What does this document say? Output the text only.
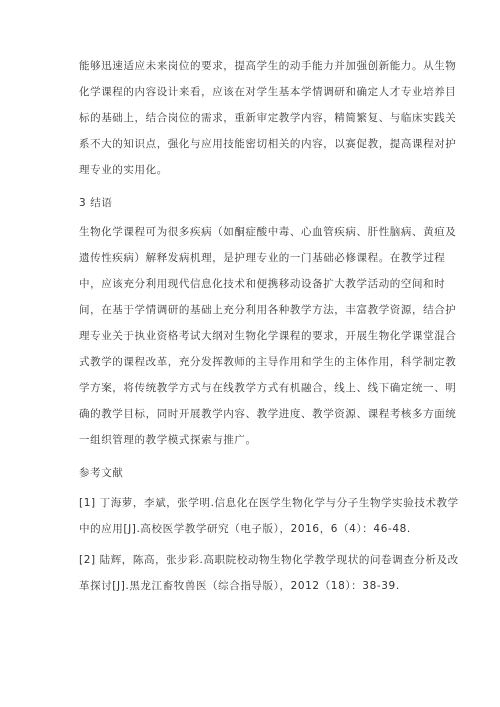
能够迅速适应未来岗位的要求，提高学生的动手能力并加强创新能力。从生物
化学课程的内容设计来看，应该在对学生基本学情调研和确定人才专业培养目
标的基础上，结合岗位的需求，重新审定教学内容，精简繁复、与临床实践关
系不大的知识点，强化与应用技能密切相关的内容，以赛促教，提高课程对护
理专业的实用化。
3 结语
生物化学课程可为很多疾病（如酮症酸中毒、心血管疾病、肝性脑病、黄疸及
遗传性疾病）解释发病机理，是护理专业的一门基础必修课程。在教学过程
中，应该充分利用现代信息化技术和便携移动设备扩大教学活动的空间和时
间，在基于学情调研的基础上充分利用各种教学方法，丰富教学资源，结合护
理专业关于执业资格考试大纲对生物化学课程的要求，开展生物化学课堂混合
式教学的课程改革，充分发挥教师的主导作用和学生的主体作用，科学制定教
学方案，将传统教学方式与在线教学方式有机融合，线上、线下确定统一、明
确的教学目标，同时开展教学内容、教学进度、教学资源、课程考核多方面统
一组织管理的教学模式探索与推广。
参考文献
[1] 丁海萝，李斌，张学明.信息化在医学生物化学与分子生物学实验技术教学
中的应用[J].高校医学教学研究（电子版），2016，6（4）：46-48.
[2] 陆辉，陈高，张步彩.高职院校动物生物化学教学现状的问卷调查分析及改
革探讨[J].黑龙江畜牧兽医（综合指导版），2012（18）：38-39.
